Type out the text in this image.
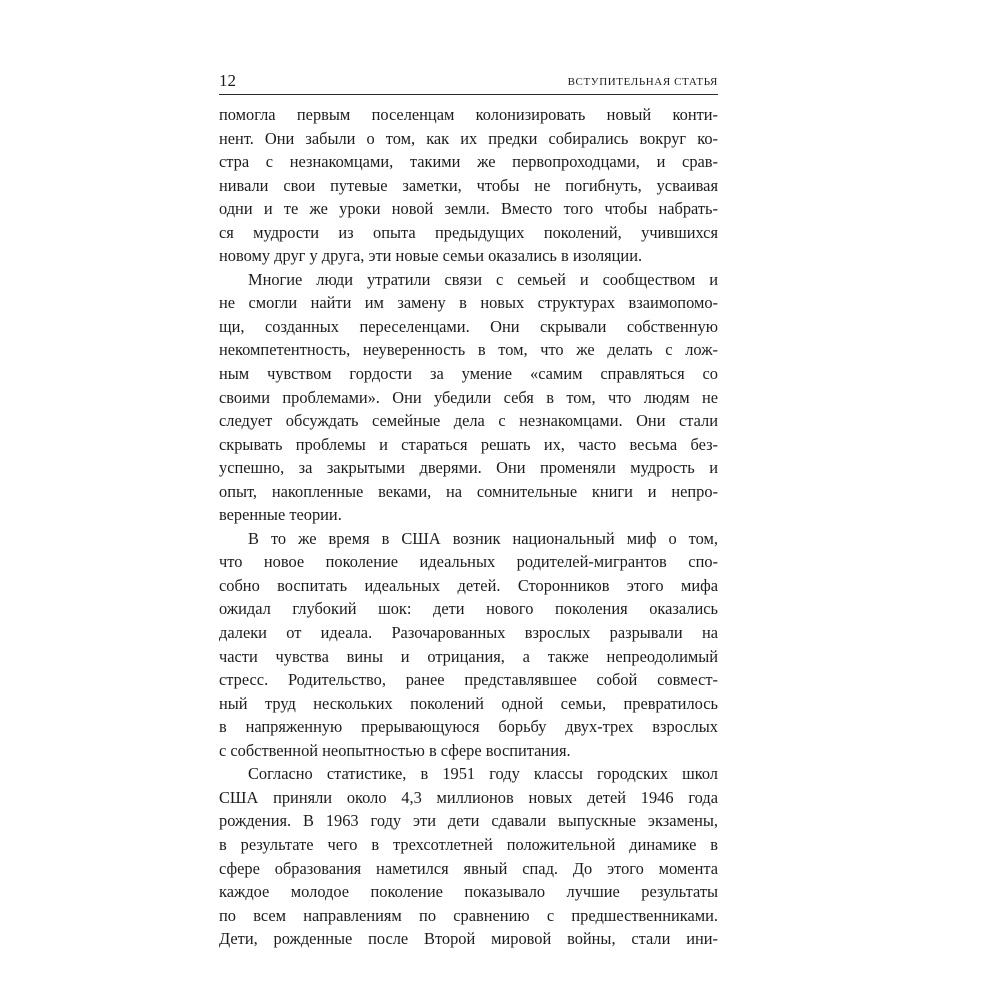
12	ВСТУПИТЕЛЬНАЯ СТАТЬЯ
помогла первым поселенцам колонизировать новый конти-
нент. Они забыли о том, как их предки собирались вокруг ко-
стра с незнакомцами, такими же первопроходцами, и срав-
нивали свои путевые заметки, чтобы не погибнуть, усваивая
одни и те же уроки новой земли. Вместо того чтобы набрать-
ся мудрости из опыта предыдущих поколений, учившихся
новому друг у друга, эти новые семьи оказались в изоляции.
Многие люди утратили связи с семьей и сообществом и
не смогли найти им замену в новых структурах взаимопомо-
щи, созданных переселенцами. Они скрывали собственную
некомпетентность, неуверенность в том, что же делать с лож-
ным чувством гордости за умение «самим справляться со
своими проблемами». Они убедили себя в том, что людям не
следует обсуждать семейные дела с незнакомцами. Они стали
скрывать проблемы и стараться решать их, часто весьма без-
успешно, за закрытыми дверями. Они променяли мудрость и
опыт, накопленные веками, на сомнительные книги и непро-
веренные теории.
В то же время в США возник национальный миф о том,
что новое поколение идеальных родителей-мигрантов спо-
собно воспитать идеальных детей. Сторонников этого мифа
ожидал глубокий шок: дети нового поколения оказались
далеки от идеала. Разочарованных взрослых разрывали на
части чувства вины и отрицания, а также непреодолимый
стресс. Родительство, ранее представлявшее собой совмест-
ный труд нескольких поколений одной семьи, превратилось
в напряженную прерывающуюся борьбу двух-трех взрослых
с собственной неопытностью в сфере воспитания.
Согласно статистике, в 1951 году классы городских школ
США приняли около 4,3 миллионов новых детей 1946 года
рождения. В 1963 году эти дети сдавали выпускные экзамены,
в результате чего в трехсотлетней положительной динамике в
сфере образования наметился явный спад. До этого момента
каждое молодое поколение показывало лучшие результаты
по всем направлениям по сравнению с предшественниками.
Дети, рожденные после Второй мировой войны, стали ини-
